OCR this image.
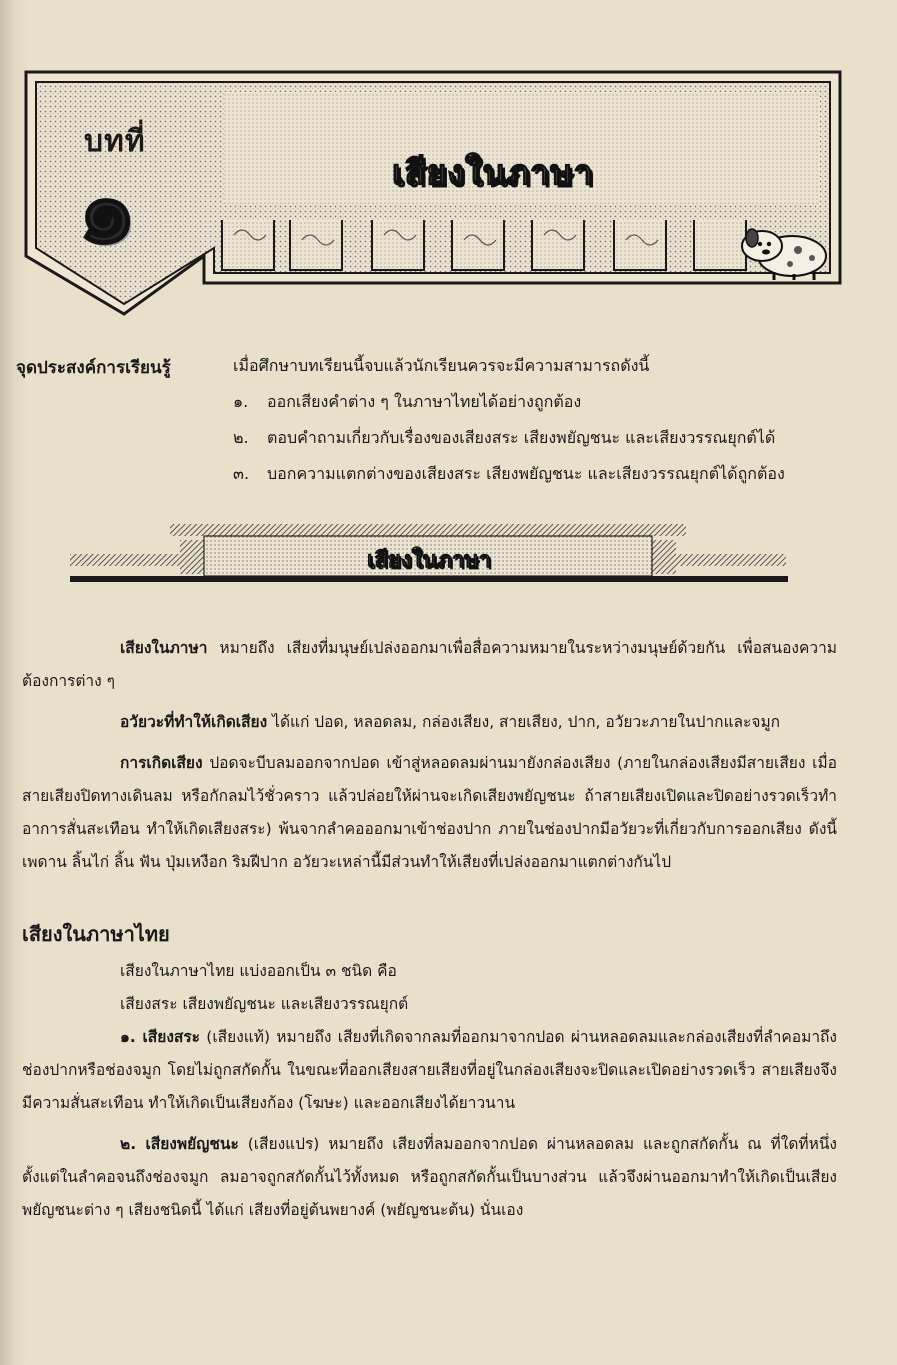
บทที่
๑	เสียงในภาษา
จุดประสงค์การเรียนรู้	เมื่อศึกษาบทเรียนนี้จบแล้วนักเรียนควรจะมีความสามารถดังนี้
๑.	ออกเสียงคำต่าง ๆ ในภาษาไทยได้อย่างถูกต้อง
๒.	ตอบคำถามเกี่ยวกับเรื่องของเสียงสระ เสียงพยัญชนะ และเสียงวรรณยุกต์ได้
๓.	บอกความแตกต่างของเสียงสระ เสียงพยัญชนะ และเสียงวรรณยุกต์ได้ถูกต้อง
เสียงในภาษา

เสียงในภาษา หมายถึง เสียงที่มนุษย์เปล่งออกมาเพื่อสื่อความหมายในระหว่างมนุษย์ด้วยกัน เพื่อสนองความต้องการต่าง ๆ

อวัยวะที่ทำให้เกิดเสียง ได้แก่ ปอด, หลอดลม, กล่องเสียง, สายเสียง, ปาก, อวัยวะภายในปากและจมูก

การเกิดเสียง ปอดจะบีบลมออกจากปอด เข้าสู่หลอดลมผ่านมายังกล่องเสียง (ภายในกล่องเสียงมีสายเสียง เมื่อสายเสียงปิดทางเดินลม หรือกักลมไว้ชั่วคราว แล้วปล่อยให้ผ่านจะเกิดเสียงพยัญชนะ ถ้าสายเสียงเปิดและปิดอย่างรวดเร็วทำอาการสั่นสะเทือน ทำให้เกิดเสียงสระ) พ้นจากลำคอออกมาเข้าช่องปาก ภายในช่องปากมีอวัยวะที่เกี่ยวกับการออกเสียง ดังนี้ เพดาน ลิ้นไก่ ลิ้น ฟัน ปุ่มเหงือก ริมฝีปาก อวัยวะเหล่านี้มีส่วนทำให้เสียงที่เปล่งออกมาแตกต่างกันไป

เสียงในภาษาไทย

เสียงในภาษาไทย แบ่งออกเป็น ๓ ชนิด คือ

เสียงสระ เสียงพยัญชนะ และเสียงวรรณยุกต์

๑. เสียงสระ (เสียงแท้) หมายถึง เสียงที่เกิดจากลมที่ออกมาจากปอด ผ่านหลอดลมและกล่องเสียงที่ลำคอมาถึงช่องปากหรือช่องจมูก โดยไม่ถูกสกัดกั้น ในขณะที่ออกเสียงสายเสียงที่อยู่ในกล่องเสียงจะปิดและเปิดอย่างรวดเร็ว สายเสียงจึงมีความสั่นสะเทือน ทำให้เกิดเป็นเสียงก้อง (โฆษะ) และออกเสียงได้ยาวนาน

๒. เสียงพยัญชนะ (เสียงแปร) หมายถึง เสียงที่ลมออกจากปอด ผ่านหลอดลม และถูกสกัดกั้น ณ ที่ใดที่หนึ่ง ตั้งแต่ในลำคอจนถึงช่องจมูก ลมอาจถูกสกัดกั้นไว้ทั้งหมด หรือถูกสกัดกั้นเป็นบางส่วน แล้วจึงผ่านออกมาทำให้เกิดเป็นเสียงพยัญชนะต่าง ๆ เสียงชนิดนี้ ได้แก่ เสียงที่อยู่ต้นพยางค์ (พยัญชนะต้น) นั่นเอง
